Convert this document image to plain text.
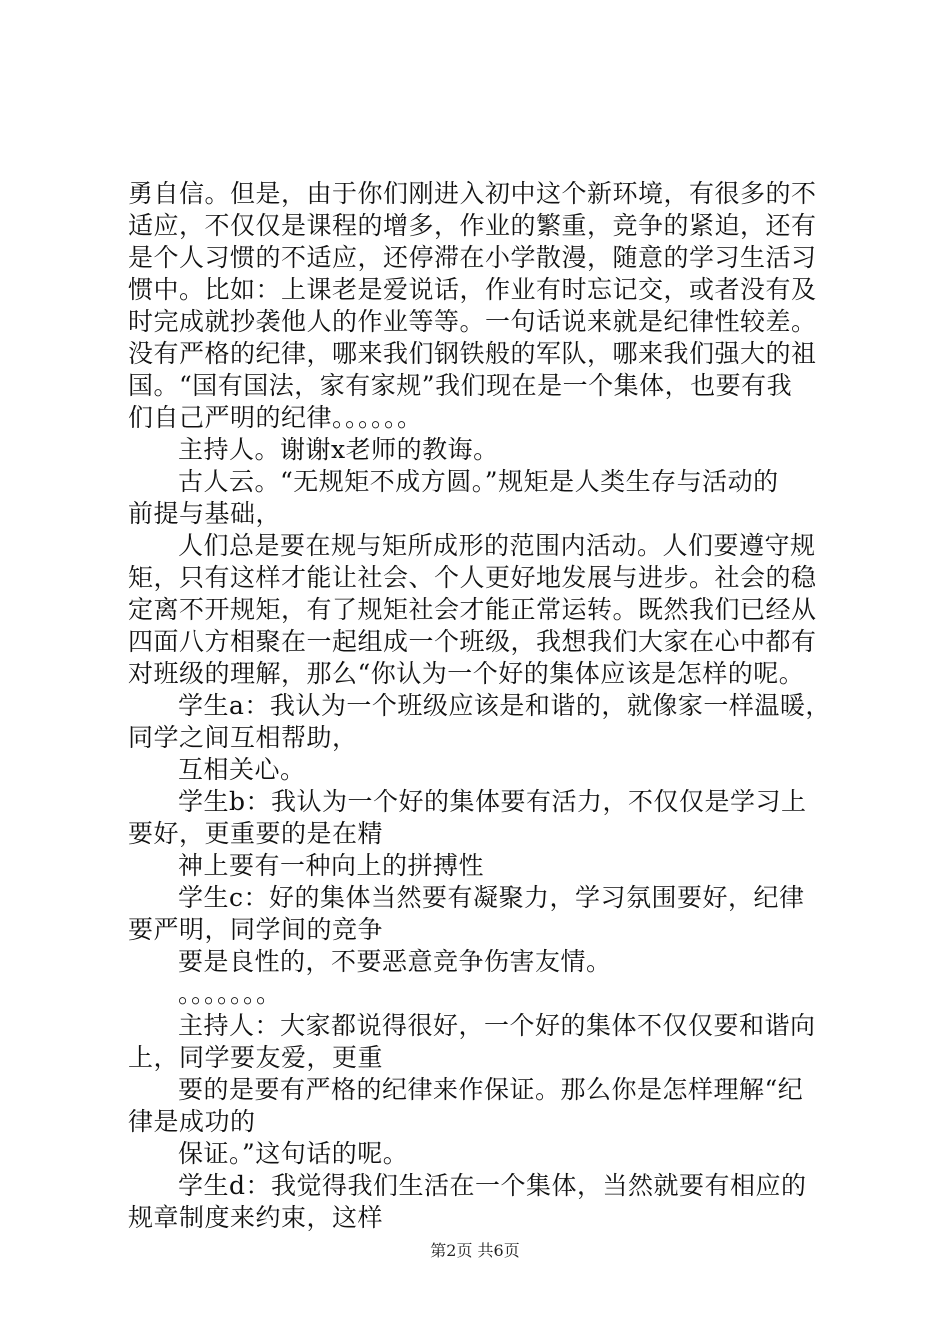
勇自信。但是，由于你们刚进入初中这个新环境，有很多的不
适应，不仅仅是课程的增多，作业的繁重，竞争的紧迫，还有
是个人习惯的不适应，还停滞在小学散漫，随意的学习生活习
惯中。比如：上课老是爱说话，作业有时忘记交，或者没有及
时完成就抄袭他人的作业等等。一句话说来就是纪律性较差。
没有严格的纪律，哪来我们钢铁般的军队，哪来我们强大的祖
国。“国有国法，家有家规”我们现在是一个集体，也要有我
们自己严明的纪律。。。。。。
主持人。谢谢x老师的教诲。
古人云。“无规矩不成方圆。”规矩是人类生存与活动的
前提与基础，
人们总是要在规与矩所成形的范围内活动。人们要遵守规
矩，只有这样才能让社会、个人更好地发展与进步。社会的稳
定离不开规矩，有了规矩社会才能正常运转。既然我们已经从
四面八方相聚在一起组成一个班级，我想我们大家在心中都有
对班级的理解，那么“你认为一个好的集体应该是怎样的呢。
学生a：我认为一个班级应该是和谐的，就像家一样温暖，
同学之间互相帮助，
互相关心。
学生b：我认为一个好的集体要有活力，不仅仅是学习上
要好，更重要的是在精
神上要有一种向上的拼搏性
学生c：好的集体当然要有凝聚力，学习氛围要好，纪律
要严明，同学间的竞争
要是良性的，不要恶意竞争伤害友情。
。。。。。。。
主持人：大家都说得很好，一个好的集体不仅仅要和谐向
上，同学要友爱，更重
要的是要有严格的纪律来作保证。那么你是怎样理解“纪
律是成功的
保证。”这句话的呢。
学生d：我觉得我们生活在一个集体，当然就要有相应的
规章制度来约束，这样
第2页 共6页
